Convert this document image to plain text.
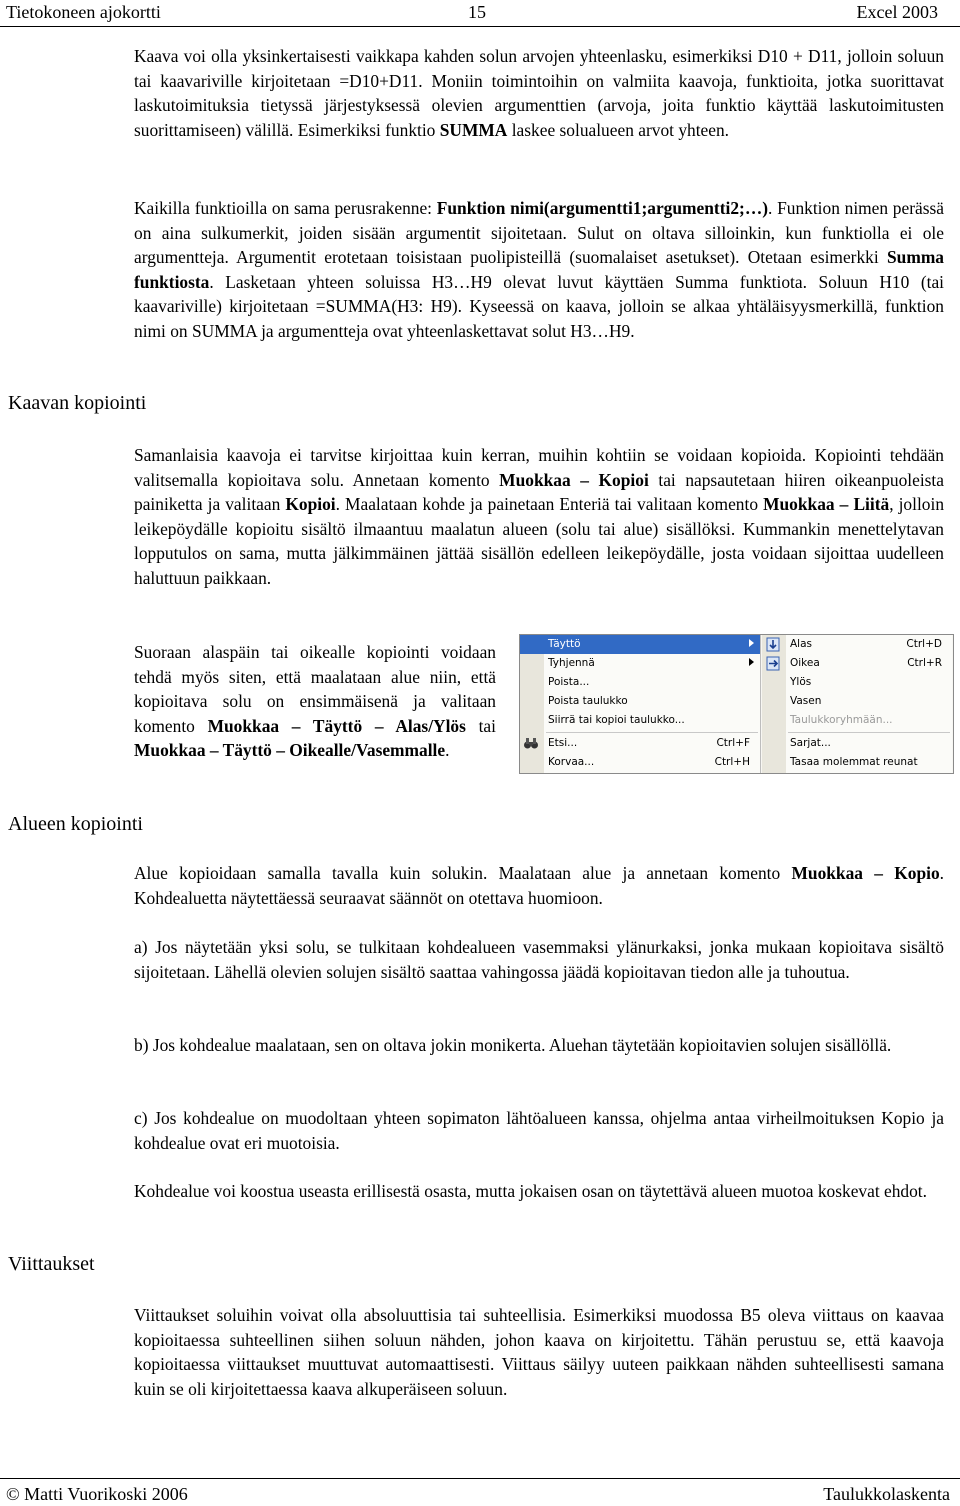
Tietokoneen ajokortti	15	Excel 2003
Kaava voi olla yksinkertaisesti vaikkapa kahden solun arvojen yhteenlasku, esimerkiksi D10 + D11, jolloin soluun tai kaavariville kirjoitetaan =D10+D11. Moniin toimintoihin on valmiita kaavoja, funktioita, jotka suorittavat laskutoimituksia tietyssä järjestyksessä olevien argumenttien (arvoja, joita funktio käyttää laskutoimitusten suorittamiseen) välillä. Esimerkiksi funktio SUMMA laskee solualueen arvot yhteen.
Kaikilla funktioilla on sama perusrakenne: Funktion nimi(argumentti1;argumentti2;…). Funktion nimen perässä on aina sulkumerkit, joiden sisään argumentit sijoitetaan. Sulut on oltava silloinkin, kun funktiolla ei ole argumentteja. Argumentit erotetaan toisistaan puolipisteillä (suomalaiset asetukset). Otetaan esimerkki Summa funktiosta. Lasketaan yhteen soluissa H3…H9 olevat luvut käyttäen Summa funktiota. Soluun H10 (tai kaavariville) kirjoitetaan =SUMMA(H3: H9). Kyseessä on kaava, jolloin se alkaa yhtäläisyysmerkillä, funktion nimi on SUMMA ja argumentteja ovat yhteenlaskettavat solut H3…H9.
Kaavan kopiointi
Samanlaisia kaavoja ei tarvitse kirjoittaa kuin kerran, muihin kohtiin se voidaan kopioida. Kopiointi tehdään valitsemalla kopioitava solu. Annetaan komento Muokkaa – Kopioi tai napsautetaan hiiren oikeanpuoleista painiketta ja valitaan Kopioi. Maalataan kohde ja painetaan Enteriä tai valitaan komento Muokkaa – Liitä, jolloin leikepöydälle kopioitu sisältö ilmaantuu maalatun alueen (solu tai alue) sisällöksi. Kummankin menettelytavan lopputulos on sama, mutta jälkimmäinen jättää sisällön edelleen leikepöydälle, josta voidaan sijoittaa uudelleen haluttuun paikkaan.
Suoraan alaspäin tai oikealle kopiointi voidaan tehdä myös siten, että maalataan alue niin, että kopioitava solu on ensimmäisenä ja valitaan komento Muokkaa – Täyttö – Alas/Ylös tai Muokkaa – Täyttö – Oikealle/Vasemmalle.
Täyttö
Tyhjennä
Poista...
Poista taulukko
Siirrä tai kopioi taulukko...
Etsi...	Ctrl+F
Korvaa...	Ctrl+H
Alas	Ctrl+D
Oikea	Ctrl+R
Ylös
Vasen
Taulukkoryhmään...
Sarjat...
Tasaa molemmat reunat
Alueen kopiointi
Alue kopioidaan samalla tavalla kuin solukin. Maalataan alue ja annetaan komento Muokkaa – Kopio. Kohdealuetta näytettäessä seuraavat säännöt on otettava huomioon.
a) Jos näytetään yksi solu, se tulkitaan kohdealueen vasemmaksi ylänurkaksi, jonka mukaan kopioitava sisältö sijoitetaan. Lähellä olevien solujen sisältö saattaa vahingossa jäädä kopioitavan tiedon alle ja tuhoutua.
b) Jos kohdealue maalataan, sen on oltava jokin monikerta. Aluehan täytetään kopioitavien solujen sisällöllä.
c) Jos kohdealue on muodoltaan yhteen sopimaton lähtöalueen kanssa, ohjelma antaa virheilmoituksen Kopio ja kohdealue ovat eri muotoisia.
Kohdealue voi koostua useasta erillisestä osasta, mutta jokaisen osan on täytettävä alueen muotoa koskevat ehdot.
Viittaukset
Viittaukset soluihin voivat olla absoluuttisia tai suhteellisia. Esimerkiksi muodossa B5 oleva viittaus on kaavaa kopioitaessa suhteellinen siihen soluun nähden, johon kaava on kirjoitettu. Tähän perustuu se, että kaavoja kopioitaessa viittaukset muuttuvat automaattisesti. Viittaus säilyy uuteen paikkaan nähden suhteellisesti samana kuin se oli kirjoitettaessa kaava alkuperäiseen soluun.
© Matti Vuorikoski 2006	Taulukkolaskenta
